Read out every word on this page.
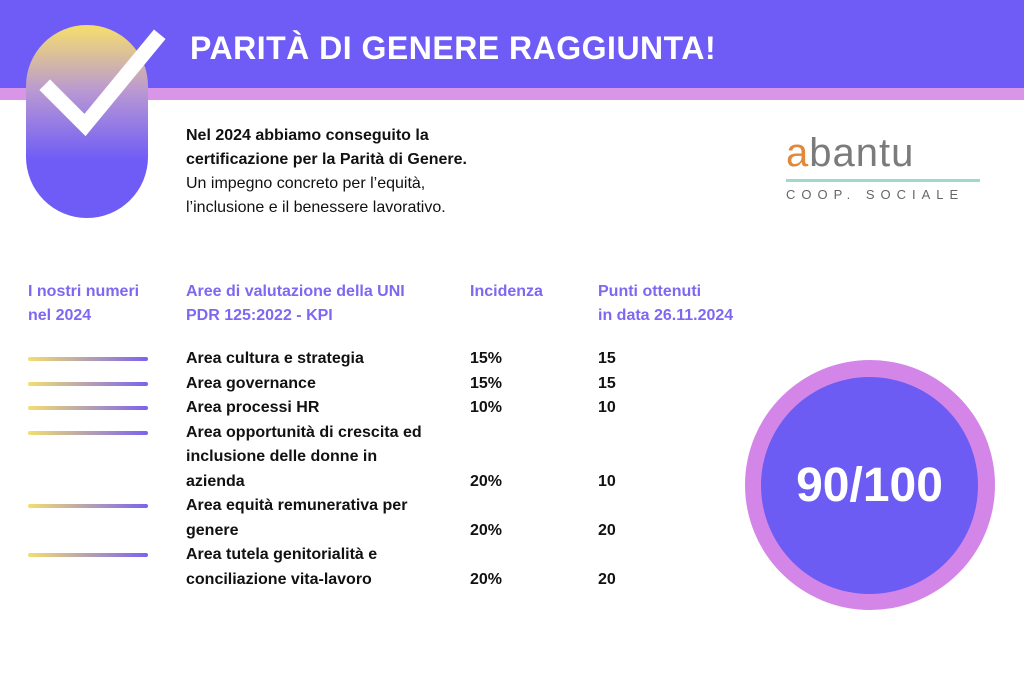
PARITÀ DI GENERE RAGGIUNTA!
Nel 2024 abbiamo conseguito la
certificazione per la Parità di Genere.
Un impegno concreto per l’equità,
l’inclusione e il benessere lavorativo.
abantu
COOP. SOCIALE
I nostri numeri
nel 2024
Aree di valutazione della UNI
PDR 125:2022 - KPI
Incidenza	Punti ottenuti
in data 26.11.2024
Area cultura e strategia	15%	15
Area governance	15%	15
Area processi HR	10%	10
Area opportunità di crescita ed
inclusione delle donne in
azienda	20%	10
Area equità remunerativa per
genere	20%	20
Area tutela genitorialità e
conciliazione vita-lavoro	20%	20
90/100
